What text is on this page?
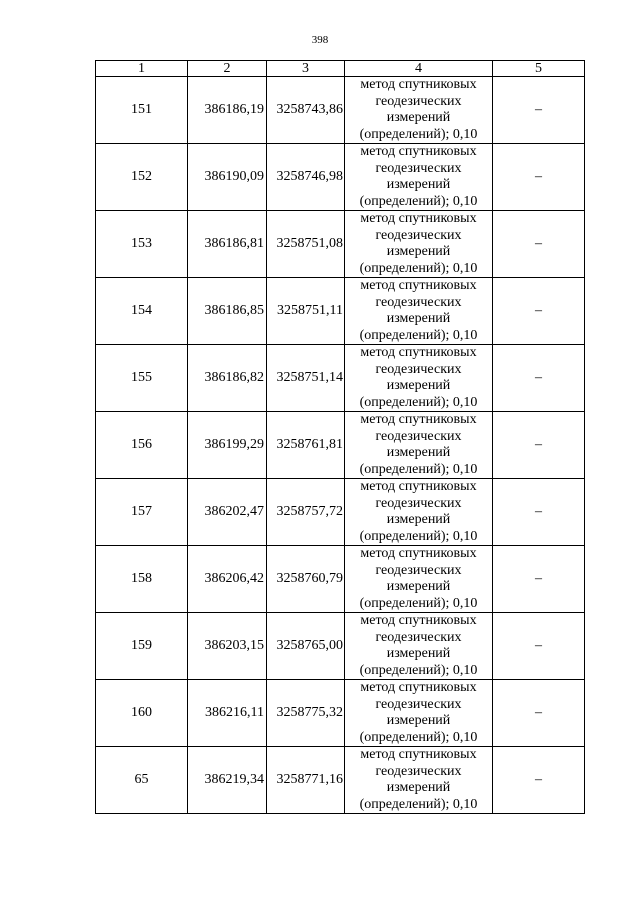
398
1	2	3	4	5
151	386186,19	3258743,86	метод спутниковых
геодезических
измерений
(определений); 0,10	–
152	386190,09	3258746,98	метод спутниковых
геодезических
измерений
(определений); 0,10	–
153	386186,81	3258751,08	метод спутниковых
геодезических
измерений
(определений); 0,10	–
154	386186,85	3258751,11	метод спутниковых
геодезических
измерений
(определений); 0,10	–
155	386186,82	3258751,14	метод спутниковых
геодезических
измерений
(определений); 0,10	–
156	386199,29	3258761,81	метод спутниковых
геодезических
измерений
(определений); 0,10	–
157	386202,47	3258757,72	метод спутниковых
геодезических
измерений
(определений); 0,10	–
158	386206,42	3258760,79	метод спутниковых
геодезических
измерений
(определений); 0,10	–
159	386203,15	3258765,00	метод спутниковых
геодезических
измерений
(определений); 0,10	–
160	386216,11	3258775,32	метод спутниковых
геодезических
измерений
(определений); 0,10	–
65	386219,34	3258771,16	метод спутниковых
геодезических
измерений
(определений); 0,10	–
